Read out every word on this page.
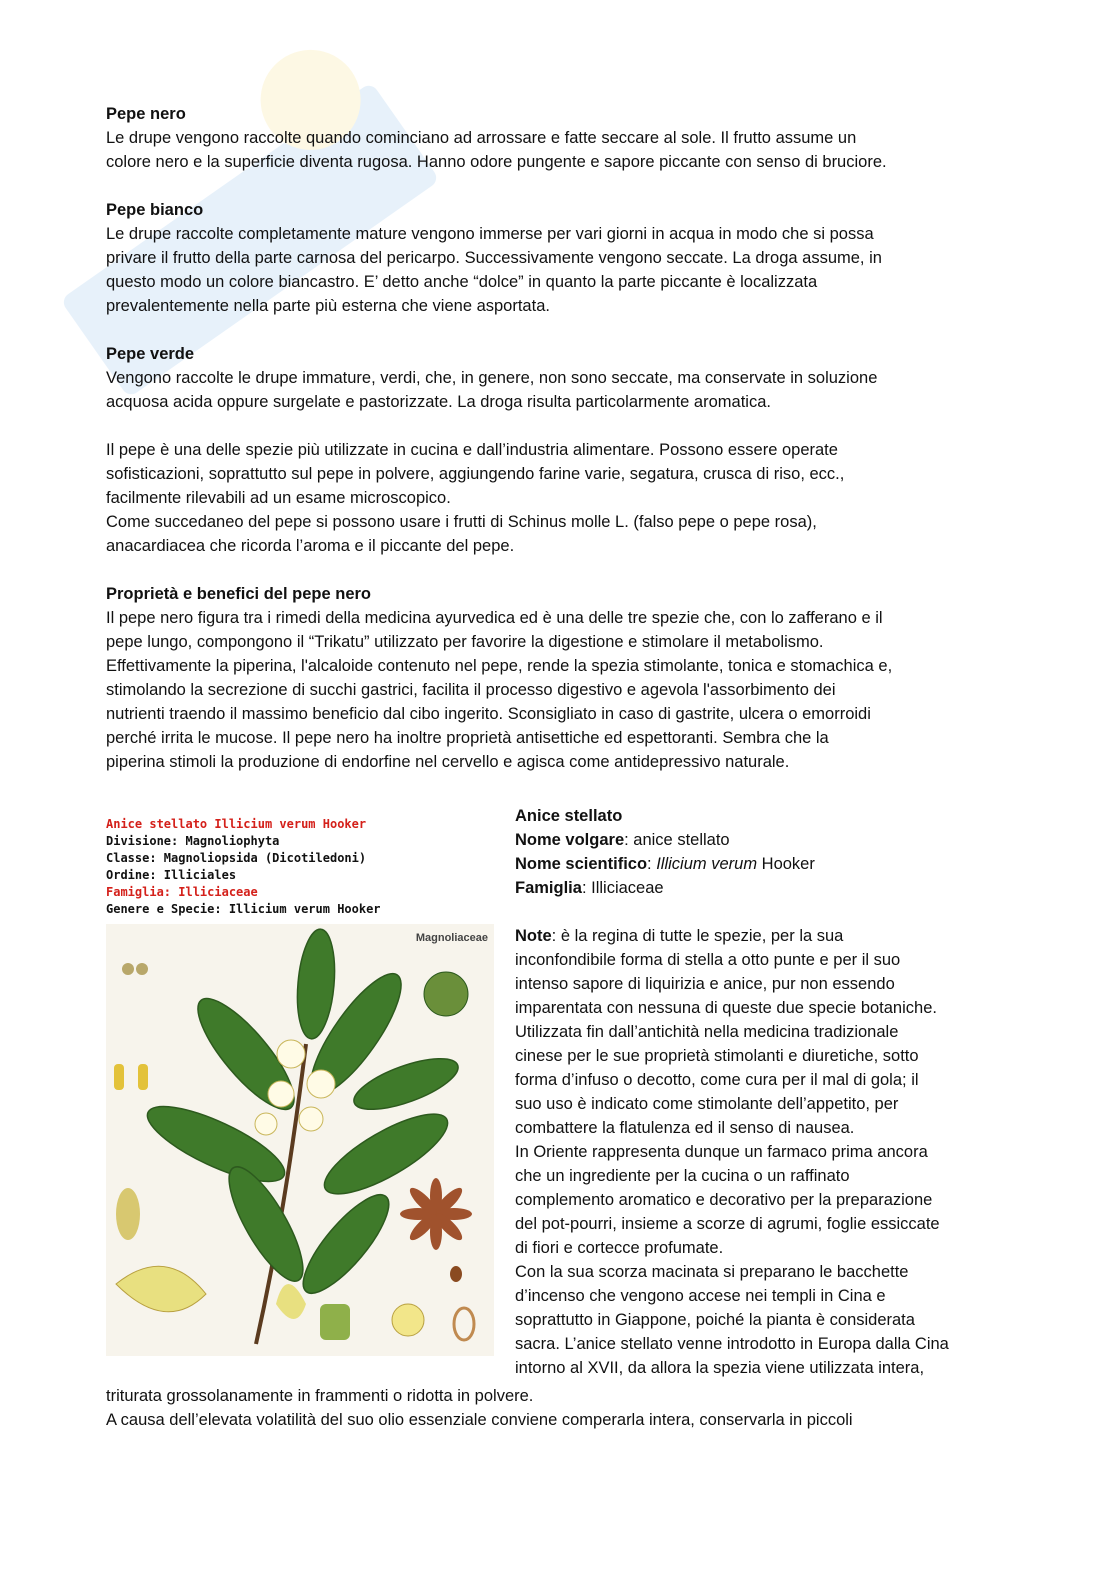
Pepe nero

Le drupe vengono raccolte quando cominciano ad arrossare e fatte seccare al sole. Il frutto assume un

colore nero e la superficie diventa rugosa. Hanno odore pungente e sapore piccante con senso di bruciore.

Pepe bianco

Le drupe raccolte completamente mature vengono immerse per vari giorni in acqua in modo che si possa

privare il frutto della parte carnosa del pericarpo. Successivamente vengono seccate. La droga assume, in

questo modo un colore biancastro. E’ detto anche “dolce” in quanto la parte piccante è localizzata

prevalentemente nella parte più esterna che viene asportata.

Pepe verde

Vengono raccolte le drupe immature, verdi, che, in genere, non sono seccate, ma conservate in soluzione

acquosa acida oppure surgelate e pastorizzate. La droga risulta particolarmente aromatica.

Il pepe è una delle spezie più utilizzate in cucina e dall’industria alimentare. Possono essere operate

sofisticazioni, soprattutto sul pepe in polvere, aggiungendo farine varie, segatura, crusca di riso, ecc.,

facilmente rilevabili ad un esame microscopico.

Come succedaneo del pepe si possono usare i frutti di Schinus molle L. (falso pepe o pepe rosa),

anacardiacea che ricorda l’aroma e il piccante del pepe.

Proprietà e benefici del pepe nero

Il pepe nero figura tra i rimedi della medicina ayurvedica ed è una delle tre spezie che, con lo zafferano e il

pepe lungo, compongono il “Trikatu” utilizzato per favorire la digestione e stimolare il metabolismo.

Effettivamente la piperina, l'alcaloide contenuto nel pepe, rende la spezia stimolante, tonica e stomachica e,

stimolando la secrezione di succhi gastrici, facilita il processo digestivo e agevola l'assorbimento dei

nutrienti traendo il massimo beneficio dal cibo ingerito. Sconsigliato in caso di gastrite, ulcera o emorroidi

perché irrita le mucose. Il pepe nero ha inoltre proprietà antisettiche ed espettoranti. Sembra che la

piperina stimoli la produzione di endorfine nel cervello e agisca come antidepressivo naturale.

Anice stellato Illicium verum Hooker
Divisione: Magnoliophyta
Classe: Magnoliopsida (Dicotiledoni)
Ordine: Illiciales
Famiglia: Illiciaceae
Genere e Specie: Illicium verum Hooker
Magnoliaceae
Anice stellato

Nome volgare: anice stellato

Nome scientifico: Illicium verum Hooker

Famiglia: Illiciaceae

Note: è la regina di tutte le spezie, per la sua

inconfondibile forma di stella a otto punte e per il suo

intenso sapore di liquirizia e anice, pur non essendo

imparentata con nessuna di queste due specie botaniche.

Utilizzata fin dall’antichità nella medicina tradizionale

cinese per le sue proprietà stimolanti e diuretiche, sotto

forma d’infuso o decotto, come cura per il mal di gola; il

suo uso è indicato come stimolante dell’appetito, per

combattere la flatulenza ed il senso di nausea.

In Oriente rappresenta dunque un farmaco prima ancora

che un ingrediente per la cucina o un raffinato

complemento aromatico e decorativo per la preparazione

del pot-pourri, insieme a scorze di agrumi, foglie essiccate

di fiori e cortecce profumate.

Con la sua scorza macinata si preparano le bacchette

d’incenso che vengono accese nei templi in Cina e

soprattutto in Giappone, poiché la pianta è considerata

sacra. L’anice stellato venne introdotto in Europa dalla Cina

intorno al XVII, da allora la spezia viene utilizzata intera,

triturata grossolanamente in frammenti o ridotta in polvere.

A causa dell’elevata volatilità del suo olio essenziale conviene comperarla intera, conservarla in piccoli
